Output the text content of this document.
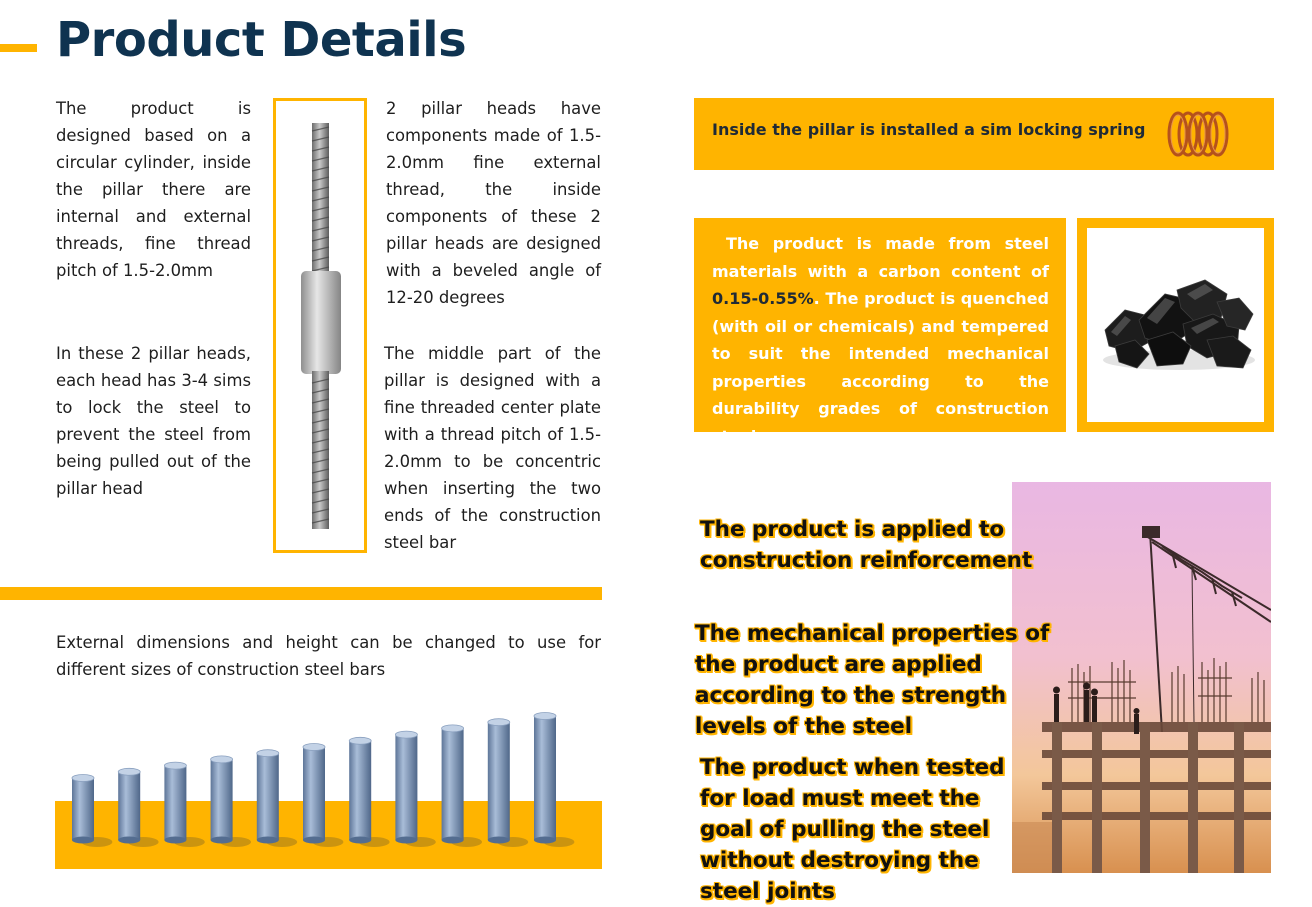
Product Details
The product is designed based on a circular cylinder, inside the pillar there are internal and external threads, fine thread pitch of 1.5-2.0mm
In these 2 pillar heads, each head has 3-4 sims to lock the steel to prevent the steel from being pulled out of the pillar head
2 pillar heads have components made of 1.5-2.0mm fine external thread, the inside components of these 2 pillar heads are designed with a beveled angle of 12-20 degrees
The middle part of the pillar is designed with a fine threaded center plate with a thread pitch of 1.5-2.0mm to be concentric when inserting the two ends of the construction steel bar
External dimensions and height can be changed to use for different sizes of construction steel bars
Inside the pillar is installed a sim locking spring
The product is made from steel materials with a carbon content of 0.15-0.55%. The product is quenched (with oil or chemicals) and tempered to suit the intended mechanical properties according to the durability grades of construction steel.
The product is applied to construction reinforcement
The mechanical properties of the product are applied according to the strength levels of the steel
The product when tested for load must meet the goal of pulling the steel without destroying the steel joints
